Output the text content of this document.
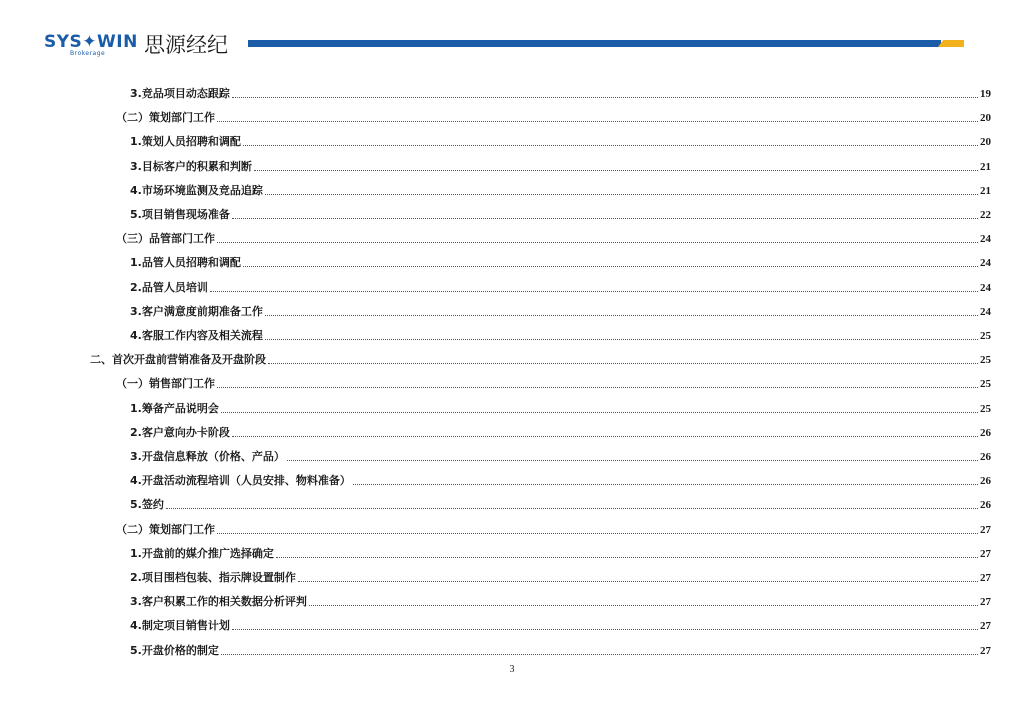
SYS✦WIN
Brokerage 思源经纪
3.竞品项目动态跟踪	19
（二）策划部门工作	20
1.策划人员招聘和调配	20
3.目标客户的积累和判断	21
4.市场环境监测及竞品追踪	21
5.项目销售现场准备	22
（三）品管部门工作	24
1.品管人员招聘和调配	24
2.品管人员培训	24
3.客户满意度前期准备工作	24
4.客服工作内容及相关流程	25
二、首次开盘前营销准备及开盘阶段	25
（一）销售部门工作	25
1.筹备产品说明会	25
2.客户意向办卡阶段	26
3.开盘信息释放（价格、产品）	26
4.开盘活动流程培训（人员安排、物料准备）	26
5.签约	26
（二）策划部门工作	27
1.开盘前的媒介推广选择确定	27
2.项目围档包装、指示牌设置制作	27
3.客户积累工作的相关数据分析评判	27
4.制定项目销售计划	27
5.开盘价格的制定	27
3
